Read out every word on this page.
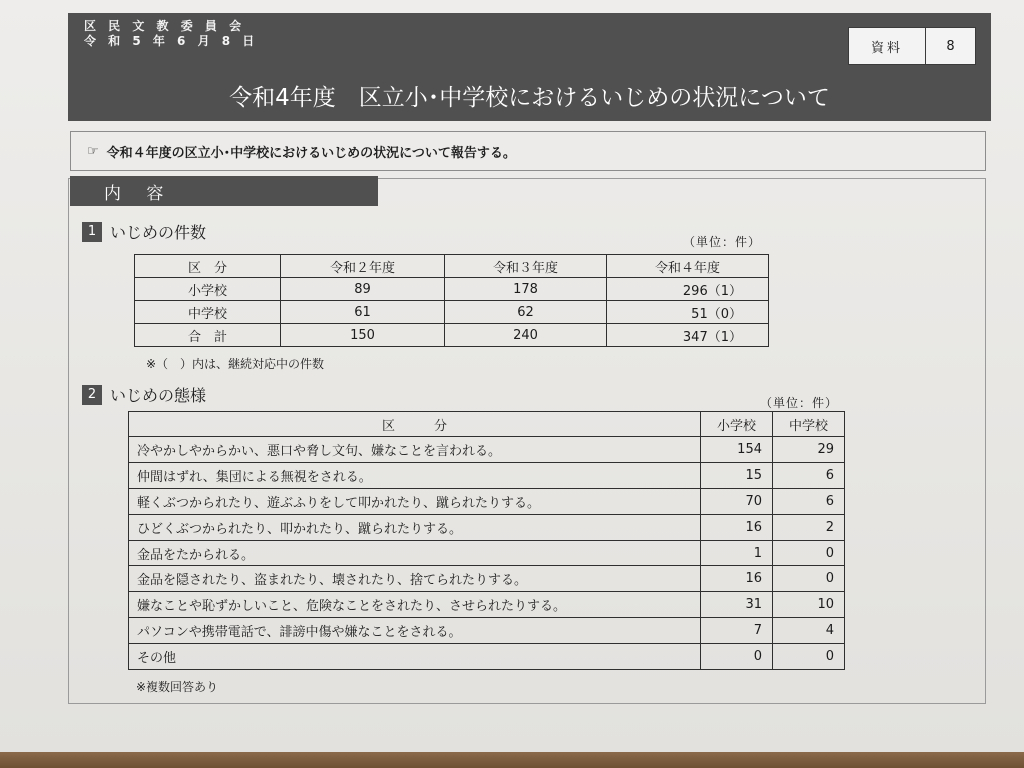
区 民 文 教 委 員 会
令 和 5 年 6 月 8 日	資料	8
令和4年度　区立小･中学校におけるいじめの状況について
☞ 令和４年度の区立小･中学校におけるいじめの状況について報告する。
内 容
1 いじめの件数	（単位：件）
区　分	令和２年度	令和３年度	令和４年度
小学校	89	178	296（1）
中学校	61	62	51（0）
合　計	150	240	347（1）
※（　）内は、継続対応中の件数
2 いじめの態様	（単位：件）
区　　　分	小学校	中学校
冷やかしやからかい、悪口や脅し文句、嫌なことを言われる。	154	29
仲間はずれ、集団による無視をされる。	15	6
軽くぶつかられたり、遊ぶふりをして叩かれたり、蹴られたりする。	70	6
ひどくぶつかられたり、叩かれたり、蹴られたりする。	16	2
金品をたかられる。	1	0
金品を隠されたり、盗まれたり、壊されたり、捨てられたりする。	16	0
嫌なことや恥ずかしいこと、危険なことをされたり、させられたりする。	31	10
パソコンや携帯電話で、誹謗中傷や嫌なことをされる。	7	4
その他	0	0
※複数回答あり
